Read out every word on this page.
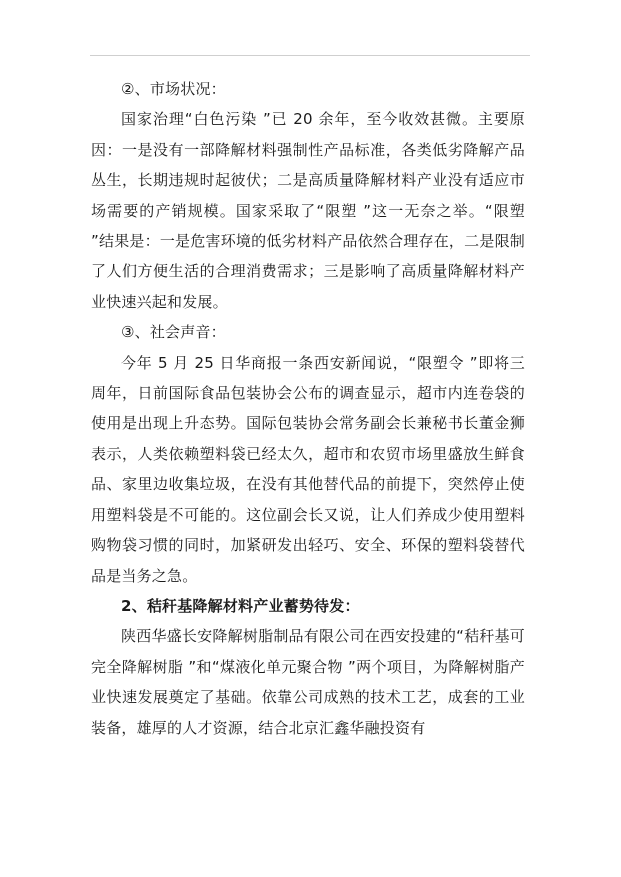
②、市场状况：

国家治理“白色污染 ”已 20 余年，至今收效甚微。主要原因：一是没有一部降解材料强制性产品标准，各类低劣降解产品丛生，长期违规时起彼伏；二是高质量降解材料产业没有适应市场需要的产销规模。国家采取了“限塑 ”这一无奈之举。“限塑 ”结果是：一是危害环境的低劣材料产品依然合理存在，二是限制了人们方便生活的合理消费需求；三是影响了高质量降解材料产业快速兴起和发展。

③、社会声音：

今年 5 月 25 日华商报一条西安新闻说，“限塑令 ”即将三周年，日前国际食品包装协会公布的调查显示，超市内连卷袋的使用是出现上升态势。国际包装协会常务副会长兼秘书长董金狮表示，人类依赖塑料袋已经太久，超市和农贸市场里盛放生鲜食品、家里边收集垃圾，在没有其他替代品的前提下，突然停止使用塑料袋是不可能的。这位副会长又说，让人们养成少使用塑料购物袋习惯的同时，加紧研发出轻巧、安全、环保的塑料袋替代品是当务之急。

2、秸秆基降解材料产业蓄势待发：

陕西华盛长安降解树脂制品有限公司在西安投建的“秸秆基可完全降解树脂 ”和“煤液化单元聚合物 ”两个项目，为降解树脂产业快速发展奠定了基础。依靠公司成熟的技术工艺，成套的工业装备，雄厚的人才资源，结合北京汇鑫华融投资有
